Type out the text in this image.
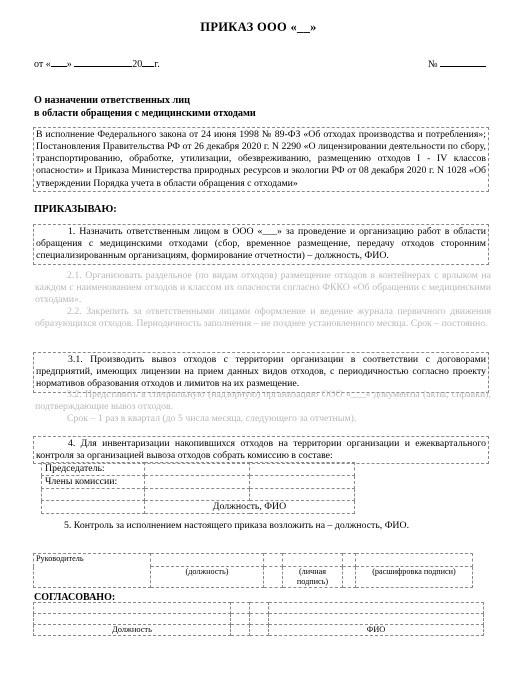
ПРИКАЗ ООО «__»
от « »	20 г.	№
О назначении ответственных лиц
в области обращения с медицинскими отходами
В исполнение Федерального закона от 24 июня 1998 № 89-ФЗ «Об отходах производства и потребления»; Постановления Правительства РФ от 26 декабря 2020 г. N 2290 «О лицензировании деятельности по сбору, транспортированию, обработке, утилизации, обезвреживанию, размещению отходов I - IV классов опасности» и Приказа Министерства природных ресурсов и экологии РФ от 08 декабря 2020 г. N 1028 «Об утверждении Порядка учета в области обращения с отходами»
ПРИКАЗЫВАЮ:
1. Назначить ответственным лицом в ООО «___» за проведение и организацию работ в области обращения с медицинскими отходами (сбор, временное размещение, передачу отходов сторонним специализированным организациям, формирование отчетности) – должность, ФИО.
2.1. Организовать раздельное (по видам отходов) размещение отходов в контейнерах с ярлыком на каждом с наименованием отходов и классом их опасности согласно ФККО «Об обращении с медицинскими отходами».
2.2. Закрепить за ответственными лицами оформление и ведение журнала первичного движения образующихся отходов. Периодичность заполнения – не позднее установленного месяца. Срок – постоянно.
3.1. Производить вывоз отходов с территории организации в соответствии с договорами предприятий, имеющих лицензии на прием данных видов отходов, с периодичностью согласно проекту нормативов образования отходов и лимитов на их размещение.
3.2. Представить в специальную (надзорную) организацию ООО «___» документы (акты, справки), подтверждающие вывоз отходов.
Срок – 1 раз в квартал (до 5 числа месяца, следующего за отчетным).
4. Для инвентаризации накопившихся отходов на территории организации и ежеквартального контроля за организацией вывоза отходов собрать комиссию в составе:
Председатель:		
Члены комиссии:		

	Должность, ФИО	
5. Контроль за исполнением настоящего приказа возложить на – должность, ФИО.
Руководитель					
	(должность)		(личная подпись)		(расшифровка подписи)
СОГЛАСОВАНО:

Должность			ФИО
